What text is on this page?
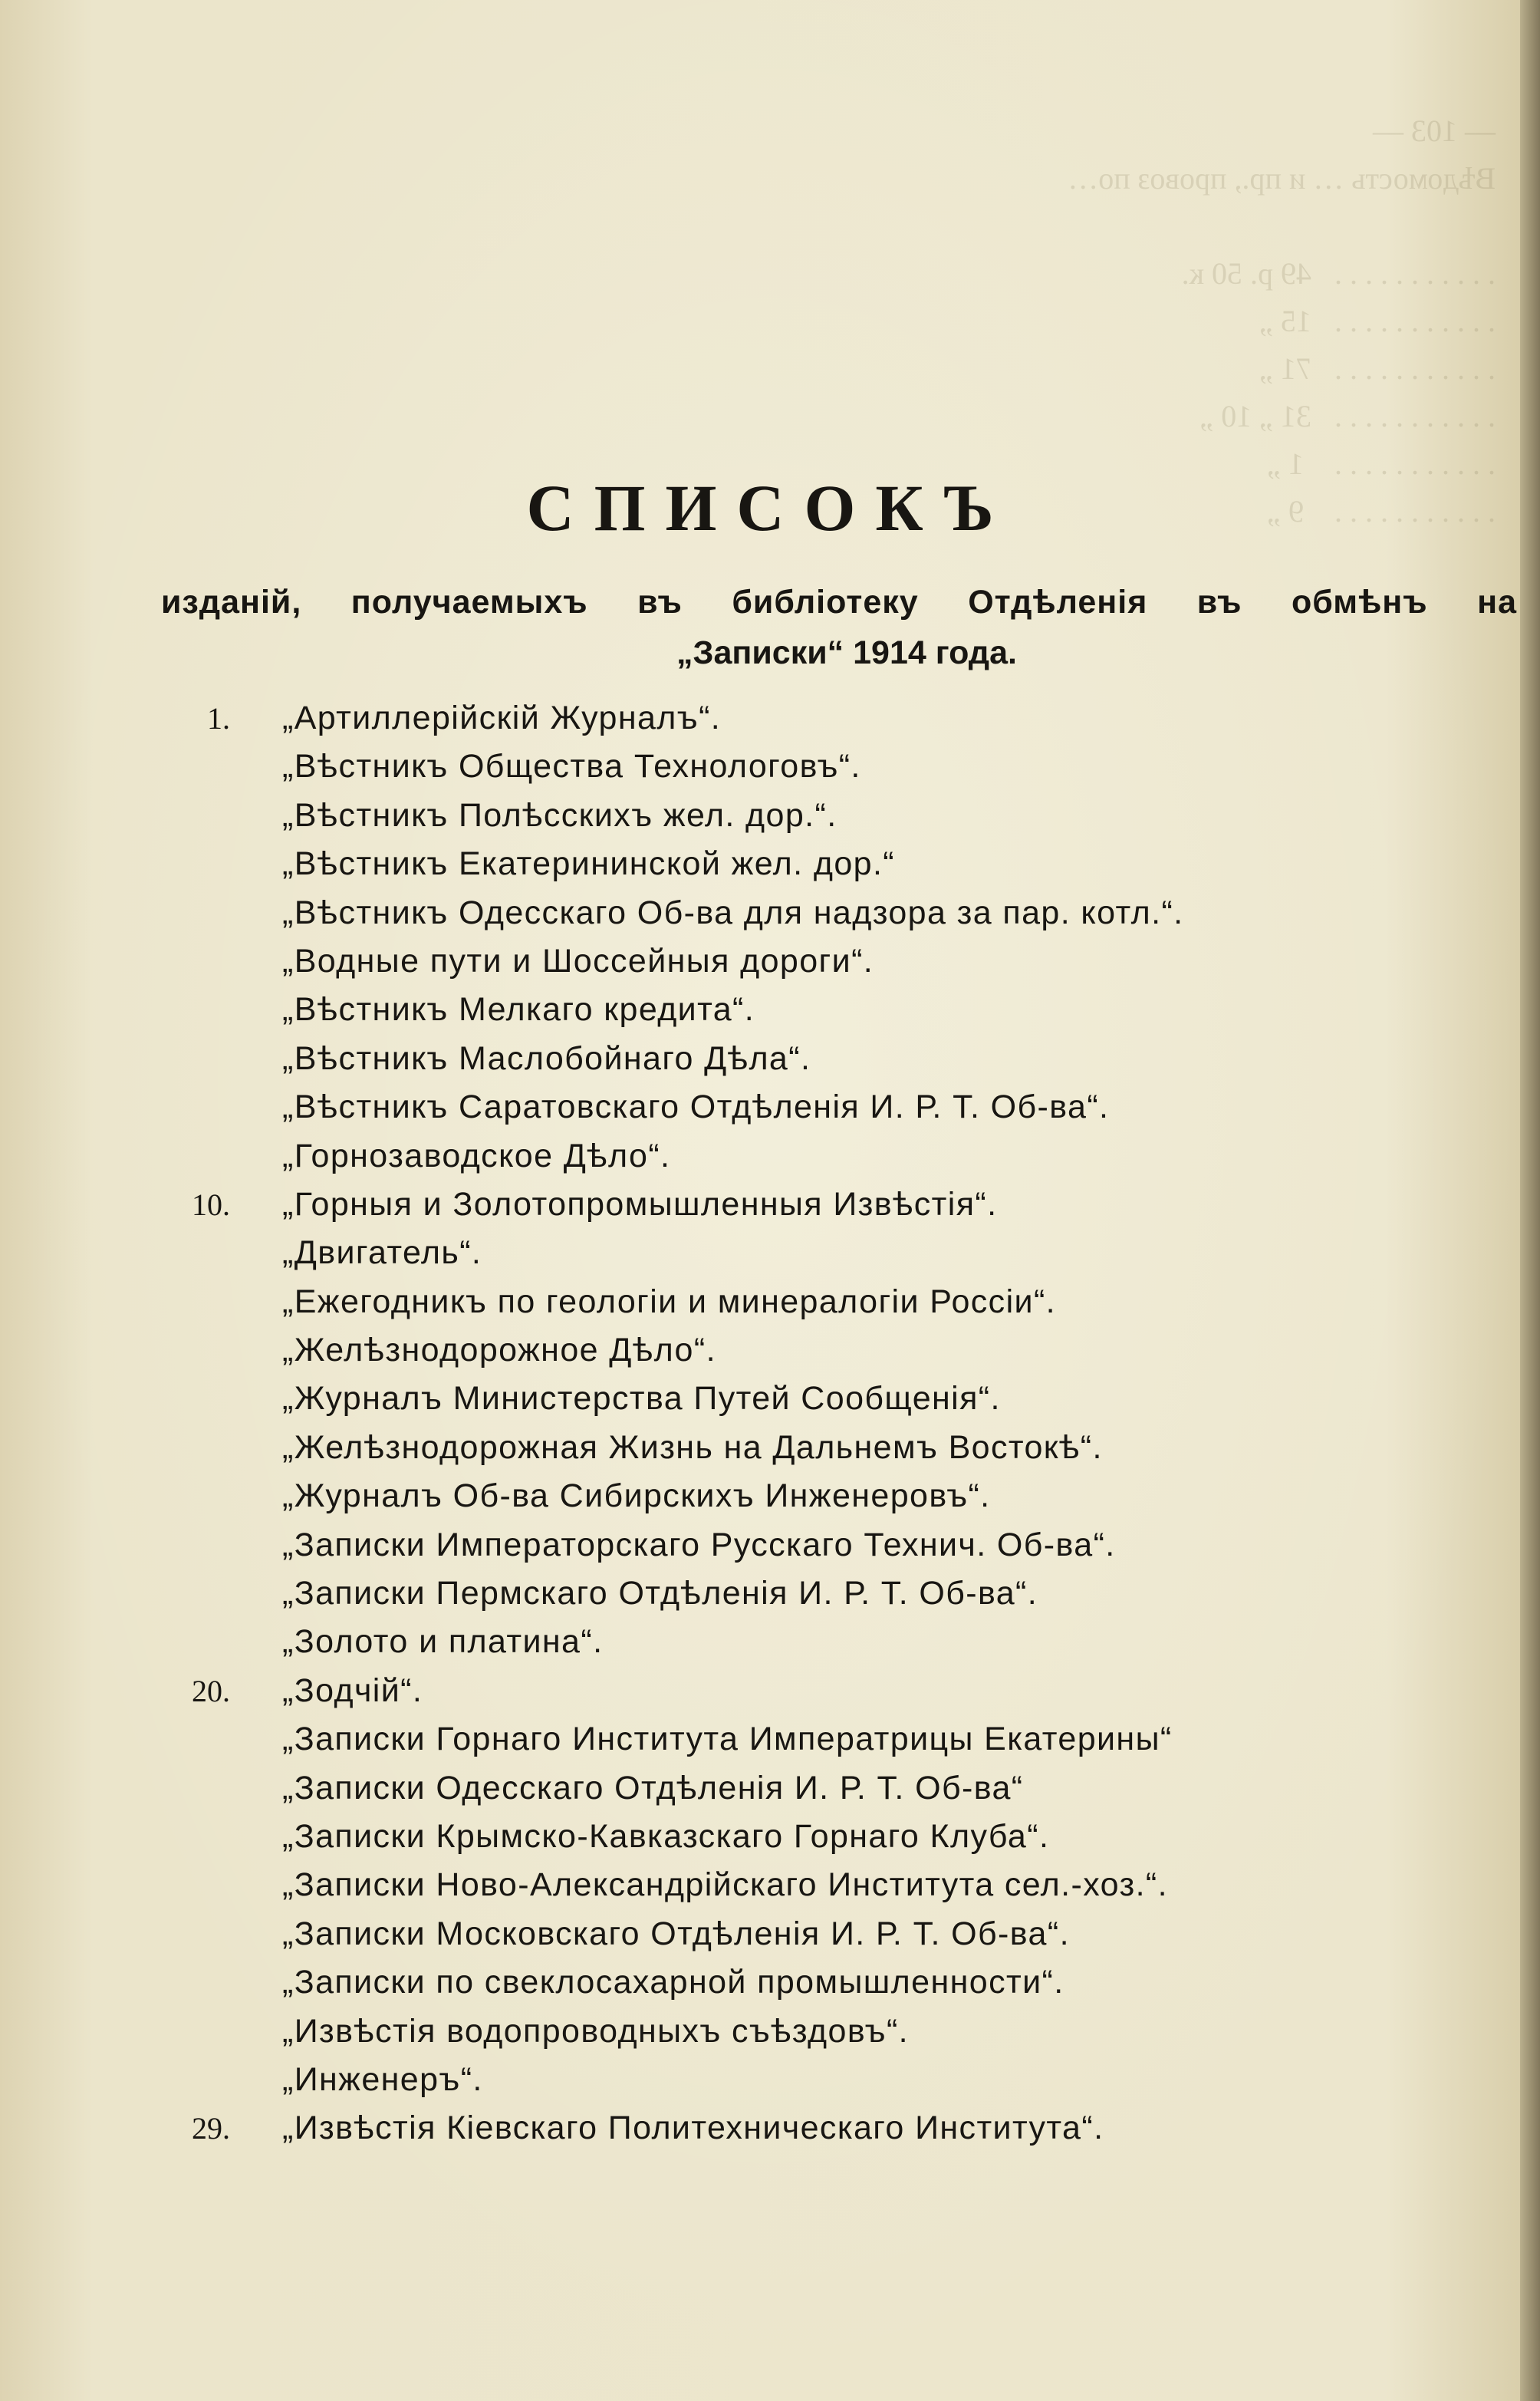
— 103 —
Вѣдомость … и пр., провоз по…

. . . . . . . . . . .   49 р. 50 к.
. . . . . . . . . . .   15 „
. . . . . . . . . . .   71 „
. . . . . . . . . . .   31 „ 10 „
. . . . . . . . . . .    1 „
. . . . . . . . . . .    9 „

СПИСОКЪ
изданій, получаемыхъ въ библіотеку Отдѣленія въ обмѣнъ на
„Записки“ 1914 года.
1. „Артиллерійскій Журналъ“.
„Вѣстникъ Общества Технологовъ“.
„Вѣстникъ Полѣсскихъ жел. дор.“.
„Вѣстникъ Екатерининской жел. дор.“
„Вѣстникъ Одесскаго Об-ва для надзора за пар. котл.“.
„Водные пути и Шоссейныя дороги“.
„Вѣстникъ Мелкаго кредита“.
„Вѣстникъ Маслобойнаго Дѣла“.
„Вѣстникъ Саратовскаго Отдѣленія И. Р. Т. Об-ва“.
„Горнозаводское Дѣло“.
10. „Горныя и Золотопромышленныя Извѣстія“.
„Двигатель“.
„Ежегодникъ по геологіи и минералогіи Россіи“.
„Желѣзнодорожное Дѣло“.
„Журналъ Министерства Путей Сообщенія“.
„Желѣзнодорожная Жизнь на Дальнемъ Востокѣ“.
„Журналъ Об-ва Сибирскихъ Инженеровъ“.
„Записки Императорскаго Русскаго Технич. Об-ва“.
„Записки Пермскаго Отдѣленія И. Р. Т. Об-ва“.
„Золото и платина“.
20. „Зодчій“.
„Записки Горнаго Института Императрицы Екатерины“
„Записки Одесскаго Отдѣленія И. Р. Т. Об-ва“
„Записки Крымско-Кавказскаго Горнаго Клуба“.
„Записки Ново-Александрійскаго Института сел.-хоз.“.
„Записки Московскаго Отдѣленія И. Р. Т. Об-ва“.
„Записки по свеклосахарной промышленности“.
„Извѣстія водопроводныхъ съѣздовъ“.
„Инженеръ“.
29. „Извѣстія Кіевскаго Политехническаго Института“.
